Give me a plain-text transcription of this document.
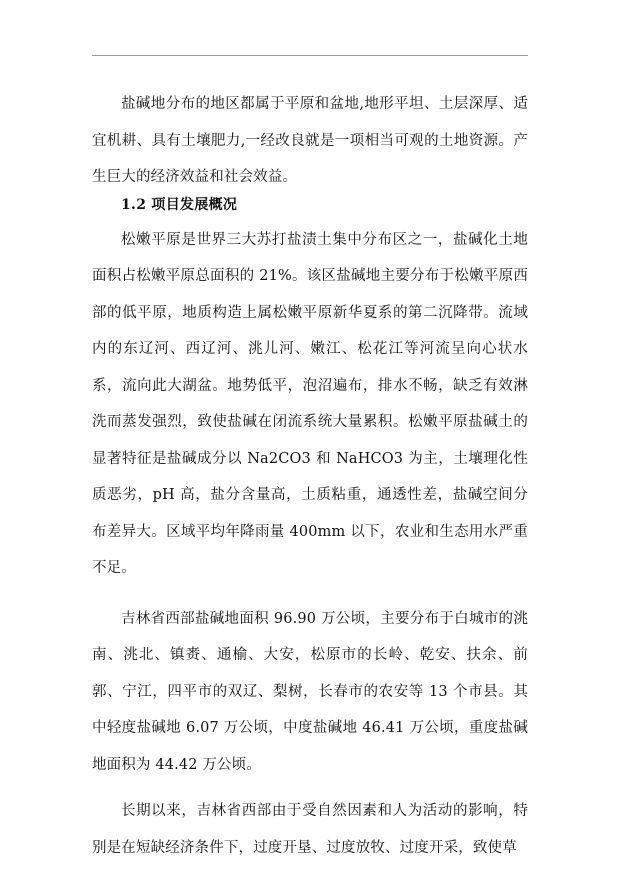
盐碱地分布的地区都属于平原和盆地,地形平坦、土层深厚、适宜机耕、具有土壤肥力,一经改良就是一项相当可观的土地资源。产生巨大的经济效益和社会效益。

1.2 项目发展概况

松嫩平原是世界三大苏打盐渍土集中分布区之一，盐碱化土地面积占松嫩平原总面积的 21%。该区盐碱地主要分布于松嫩平原西部的低平原，地质构造上属松嫩平原新华夏系的第二沉降带。流域内的东辽河、西辽河、洮儿河、嫩江、松花江等河流呈向心状水系，流向此大湖盆。地势低平，泡沼遍布，排水不畅，缺乏有效淋洗而蒸发强烈，致使盐碱在闭流系统大量累积。松嫩平原盐碱土的显著特征是盐碱成分以 Na2CO3 和 NaHCO3 为主，土壤理化性质恶劣，pH 高，盐分含量高，土质粘重，通透性差，盐碱空间分布差异大。区域平均年降雨量 400mm 以下，农业和生态用水严重不足。

吉林省西部盐碱地面积 96.90 万公顷，主要分布于白城市的洮南、洮北、镇赉、通榆、大安，松原市的长岭、乾安、扶余、前郭、宁江，四平市的双辽、梨树，长春市的农安等 13 个市县。其中轻度盐碱地 6.07 万公顷，中度盐碱地 46.41 万公顷，重度盐碱地面积为 44.42 万公顷。

长期以来，吉林省西部由于受自然因素和人为活动的影响，特别是在短缺经济条件下，过度开垦、过度放牧、过度开采，致使草
